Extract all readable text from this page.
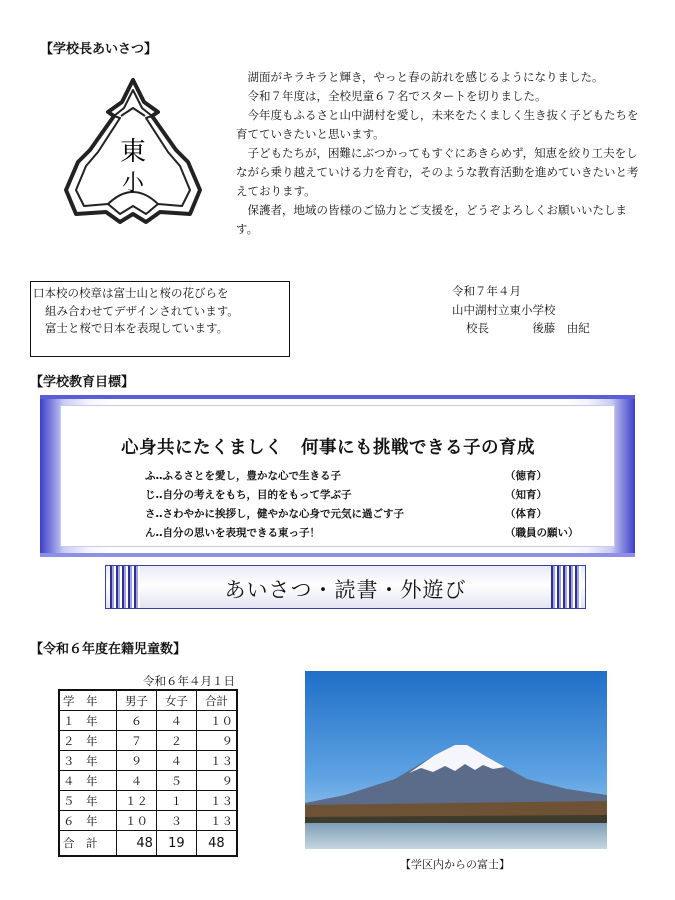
【学校長あいさつ】
東
小

湖面がキラキラと輝き，やっと春の訪れを感じるようになりました。

令和７年度は，全校児童６７名でスタートを切りました。

今年度もふるさと山中湖村を愛し，未来をたくましく生き抜く子どもたちを育てていきたいと思います。

子どもたちが，困難にぶつかってもすぐにあきらめず，知恵を絞り工夫をしながら乗り越えていける力を育む，そのような教育活動を進めていきたいと考えております。

保護者，地域の皆様のご協力とご支援を，どうぞよろしくお願いいたします。

口本校の校章は富士山と桜の花びらを
組み合わせてデザインされています。
富士と桜で日本を表現しています。
令和７年４月
山中湖村立東小学校
校長	後藤　由紀
【学校教育目標】
心身共にたくましく　何事にも挑戦できる子の育成
ふ‥ふるさとを愛し，豊かな心で生きる子	（徳育）
じ‥自分の考えをもち，目的をもって学ぶ子	（知育）
さ‥さわやかに挨拶し，健やかな心身で元気に過ごす子	（体育）
ん‥自分の思いを表現できる東っ子！	（職員の願い）
あいさつ・読書・外遊び
【令和６年度在籍児童数】
令和６年４月１日
学　年	男子	女子	合計
１　年	６	４	１０
２　年	７	２	９
３　年	９	４	１３
４　年	４	５	９
５　年	１２	１	１３
６　年	１０	３	１３
合　計	48	19	48
【学区内からの富士】
